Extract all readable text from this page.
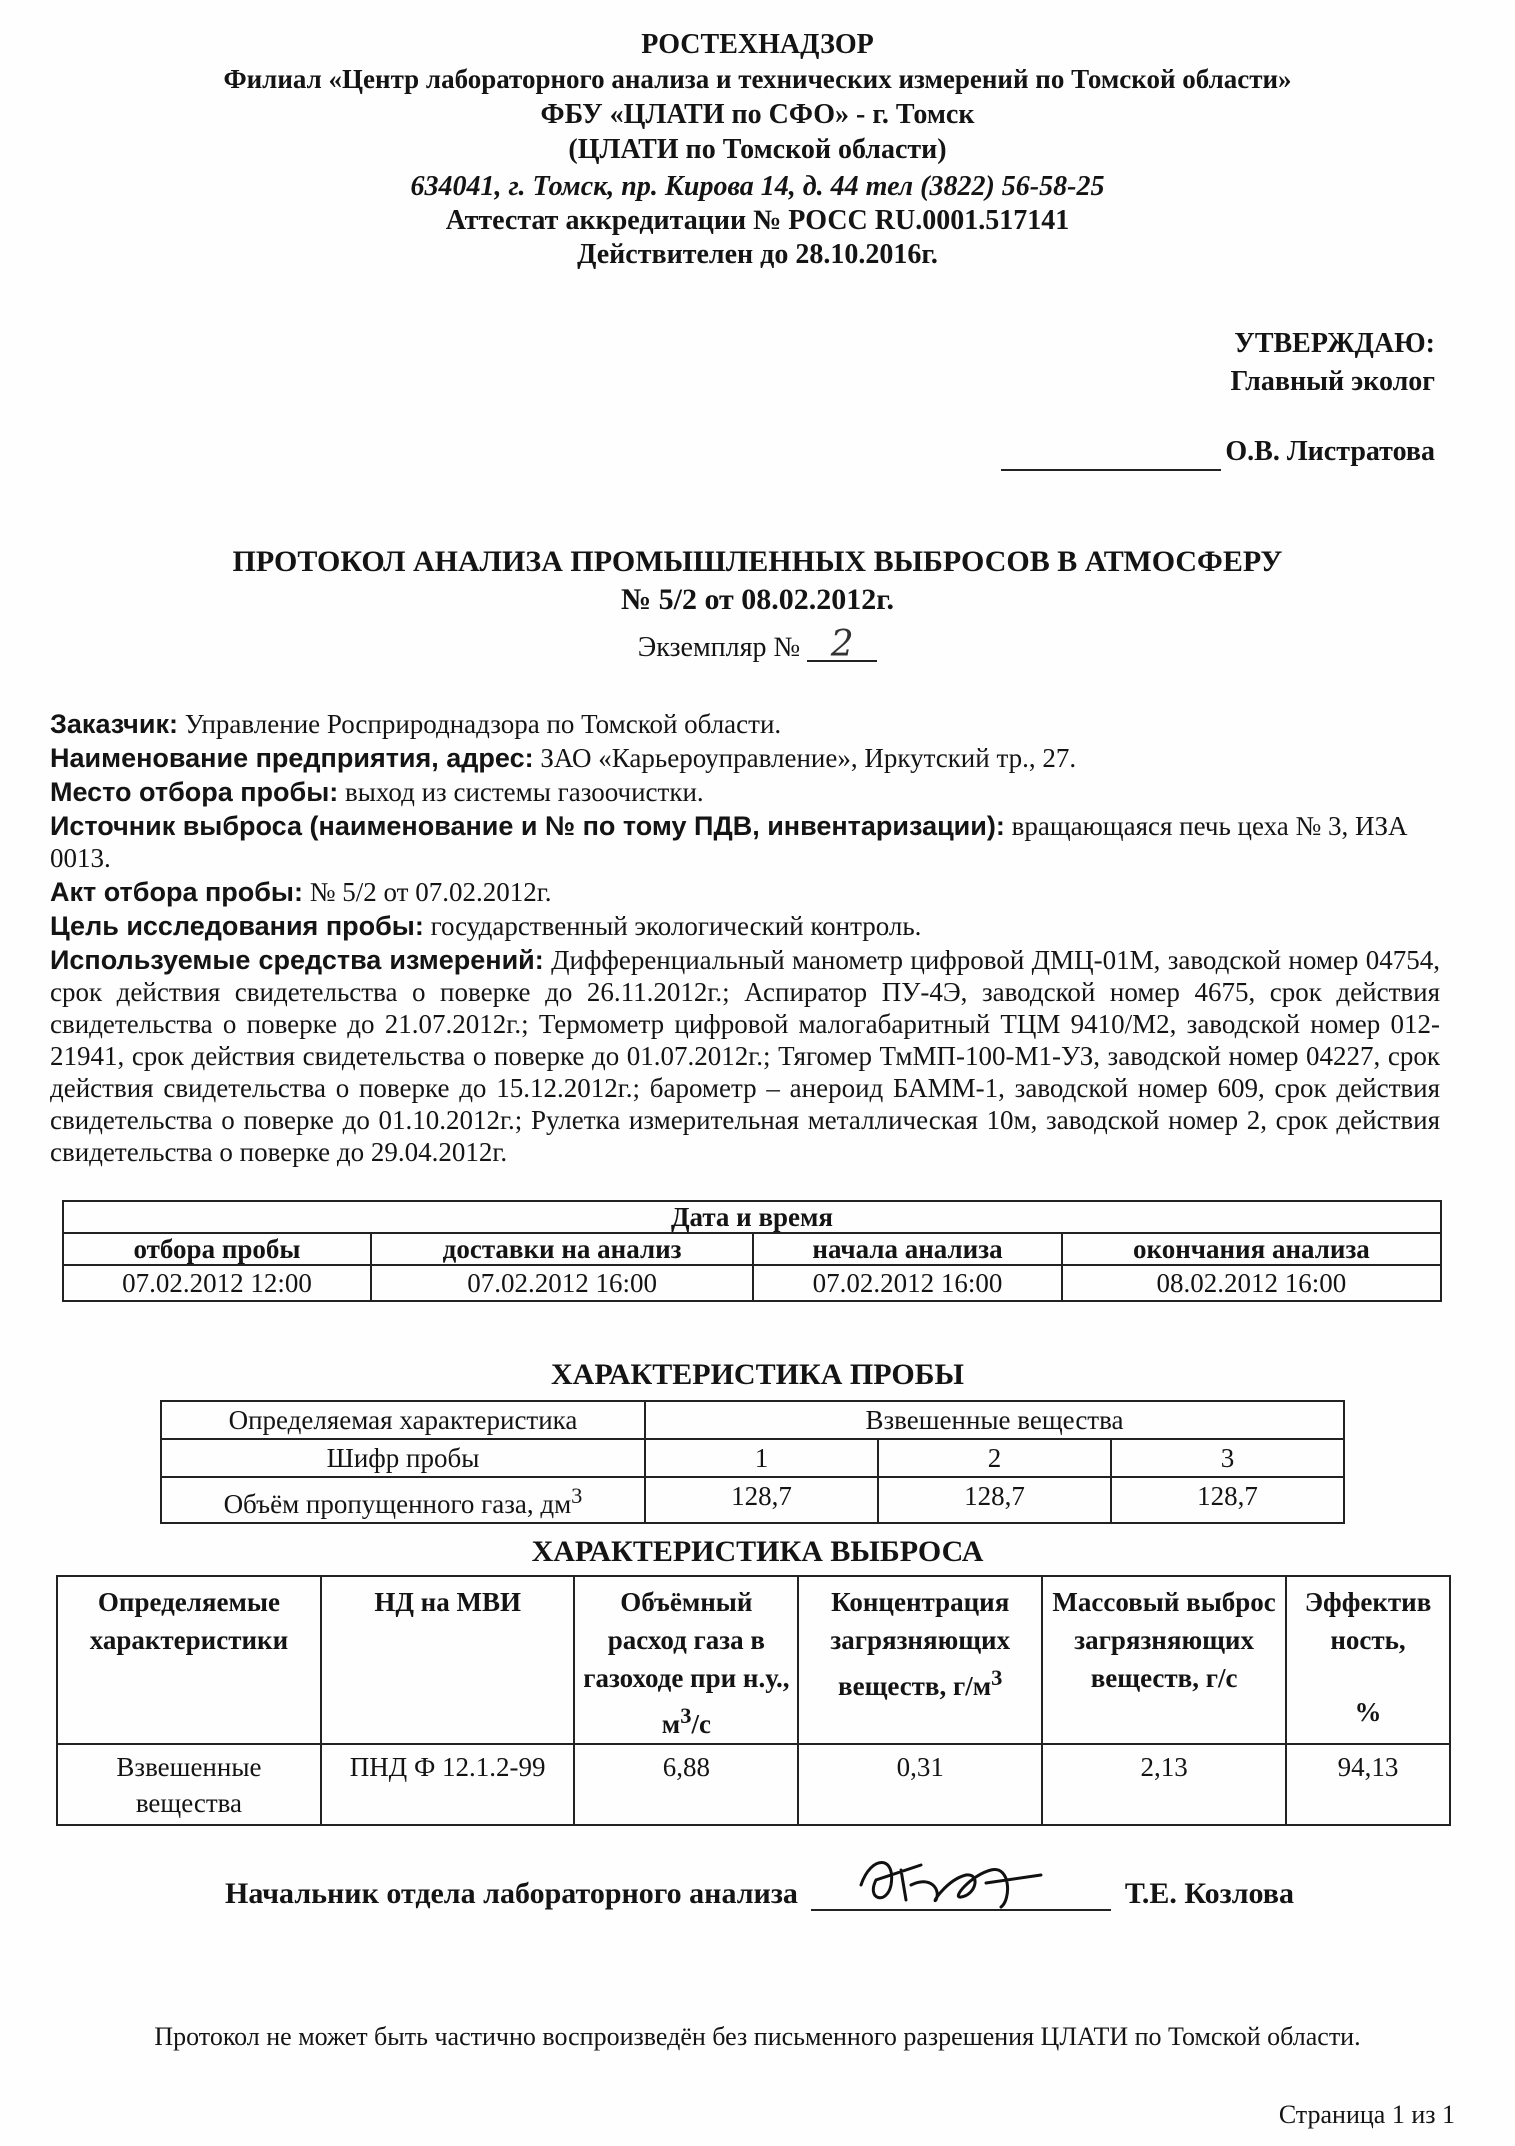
РОСТЕХНАДЗОР
Филиал «Центр лабораторного анализа и технических измерений по Томской области»
ФБУ «ЦЛАТИ по СФО» - г. Томск
(ЦЛАТИ по Томской области)
634041, г. Томск, пр. Кирова 14, д. 44 тел (3822) 56-58-25
Аттестат аккредитации № РОСС RU.0001.517141
Действителен до 28.10.2016г.
УТВЕРЖДАЮ:
Главный эколог
О.В. Листратова
ПРОТОКОЛ АНАЛИЗА ПРОМЫШЛЕННЫХ ВЫБРОСОВ В АТМОСФЕРУ
№ 5/2 от 08.02.2012г.
Экземпляр № 2

Заказчик: Управление Росприроднадзора по Томской области.

Наименование предприятия, адрес: ЗАО «Карьероуправление», Иркутский тр., 27.

Место отбора пробы: выход из системы газоочистки.

Источник выброса (наименование и № по тому ПДВ, инвентаризации): вращающаяся печь цеха № 3, ИЗА 0013.

Акт отбора пробы: № 5/2 от 07.02.2012г.

Цель исследования пробы: государственный экологический контроль.

Используемые средства измерений: Дифференциальный манометр цифровой ДМЦ-01М, заводской номер 04754, срок действия свидетельства о поверке до 26.11.2012г.; Аспиратор ПУ-4Э, заводской номер 4675, срок действия свидетельства о поверке до 21.07.2012г.; Термометр цифровой малогабаритный ТЦМ 9410/М2, заводской номер 012-21941, срок действия свидетельства о поверке до 01.07.2012г.; Тягомер ТмМП-100-М1-УЗ, заводской номер 04227, срок действия свидетельства о поверке до 15.12.2012г.; барометр – анероид БАММ-1, заводской номер 609, срок действия свидетельства о поверке до 01.10.2012г.; Рулетка измерительная металлическая 10м, заводской номер 2, срок действия свидетельства о поверке до 29.04.2012г.

Дата и время			
отбора пробы	доставки на анализ	начала анализа	окончания анализа
07.02.2012 12:00	07.02.2012 16:00	07.02.2012 16:00	08.02.2012 16:00
ХАРАКТЕРИСТИКА ПРОБЫ
Определяемая характеристика	Взвешенные вещества		
Шифр пробы	1	2	3
Объём пропущенного газа, $дм^3$	128,7	128,7	128,7
ХАРАКТЕРИСТИКА ВЫБРОСА
Определяемые характеристики	НД на МВИ	Объёмный расход газа в газоходе при н.у., $м^3/с$	Концентрация загрязняющих веществ, $г/м^3$	Массовый выброс загрязняющих веществ, г/с	Эффектив ность,
%

Взвешенные вещества	ПНД Ф 12.1.2-99	6,88	0,31	2,13	94,13
Начальник отдела лабораторного анализа	Т.Е. Козлова
Протокол не может быть частично воспроизведён без письменного разрешения ЦЛАТИ по Томской области.
Страница 1 из 1
